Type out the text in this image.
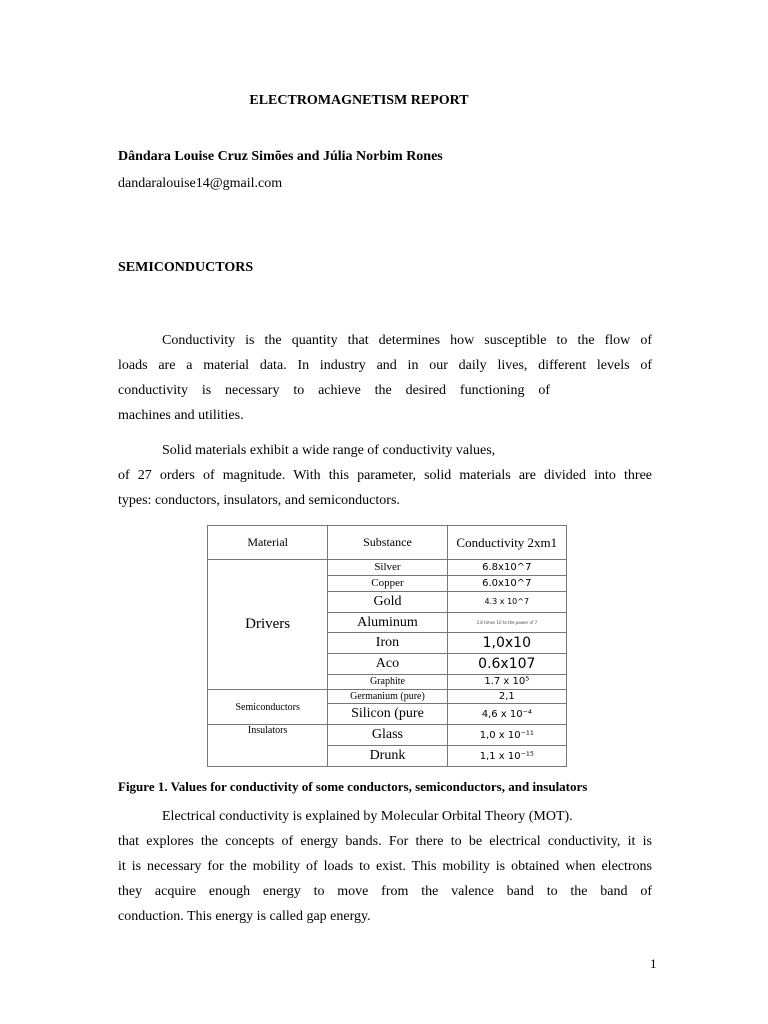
ELECTROMAGNETISM REPORT
Dândara Louise Cruz Simões and Júlia Norbim Rones
dandaralouise14@gmail.com
SEMICONDUCTORS
Conductivity is the quantity that determines how susceptible to the flow of
loads are a material data. In industry and in our daily lives, different levels of
conductivity is necessary to achieve the desired functioning of
machines and utilities.
Solid materials exhibit a wide range of conductivity values,
of 27 orders of magnitude. With this parameter, solid materials are divided into three
types: conductors, insulators, and semiconductors.
Material	Substance	Conductivity 2xm1
Drivers	Silver	6.8x10^7
	Copper	6.0x10^7
	Gold	4.3 x 10^7
	Aluminum	3.8 times 10 to the power of 7
	Iron	1,0x10
	Aco	0.6x107
	Graphite	1.7 x 10⁵
Semiconductors	Germanium (pure)	2,1
	Silicon (pure	4,6 x 10⁻⁴
Insulators	Glass	1,0 x 10⁻¹¹
	Drunk	1,1 x 10⁻¹⁵
Figure 1. Values for conductivity of some conductors, semiconductors, and insulators
Electrical conductivity is explained by Molecular Orbital Theory (MOT).
that explores the concepts of energy bands. For there to be electrical conductivity, it is
it is necessary for the mobility of loads to exist. This mobility is obtained when electrons
they acquire enough energy to move from the valence band to the band of
conduction. This energy is called gap energy.
1
